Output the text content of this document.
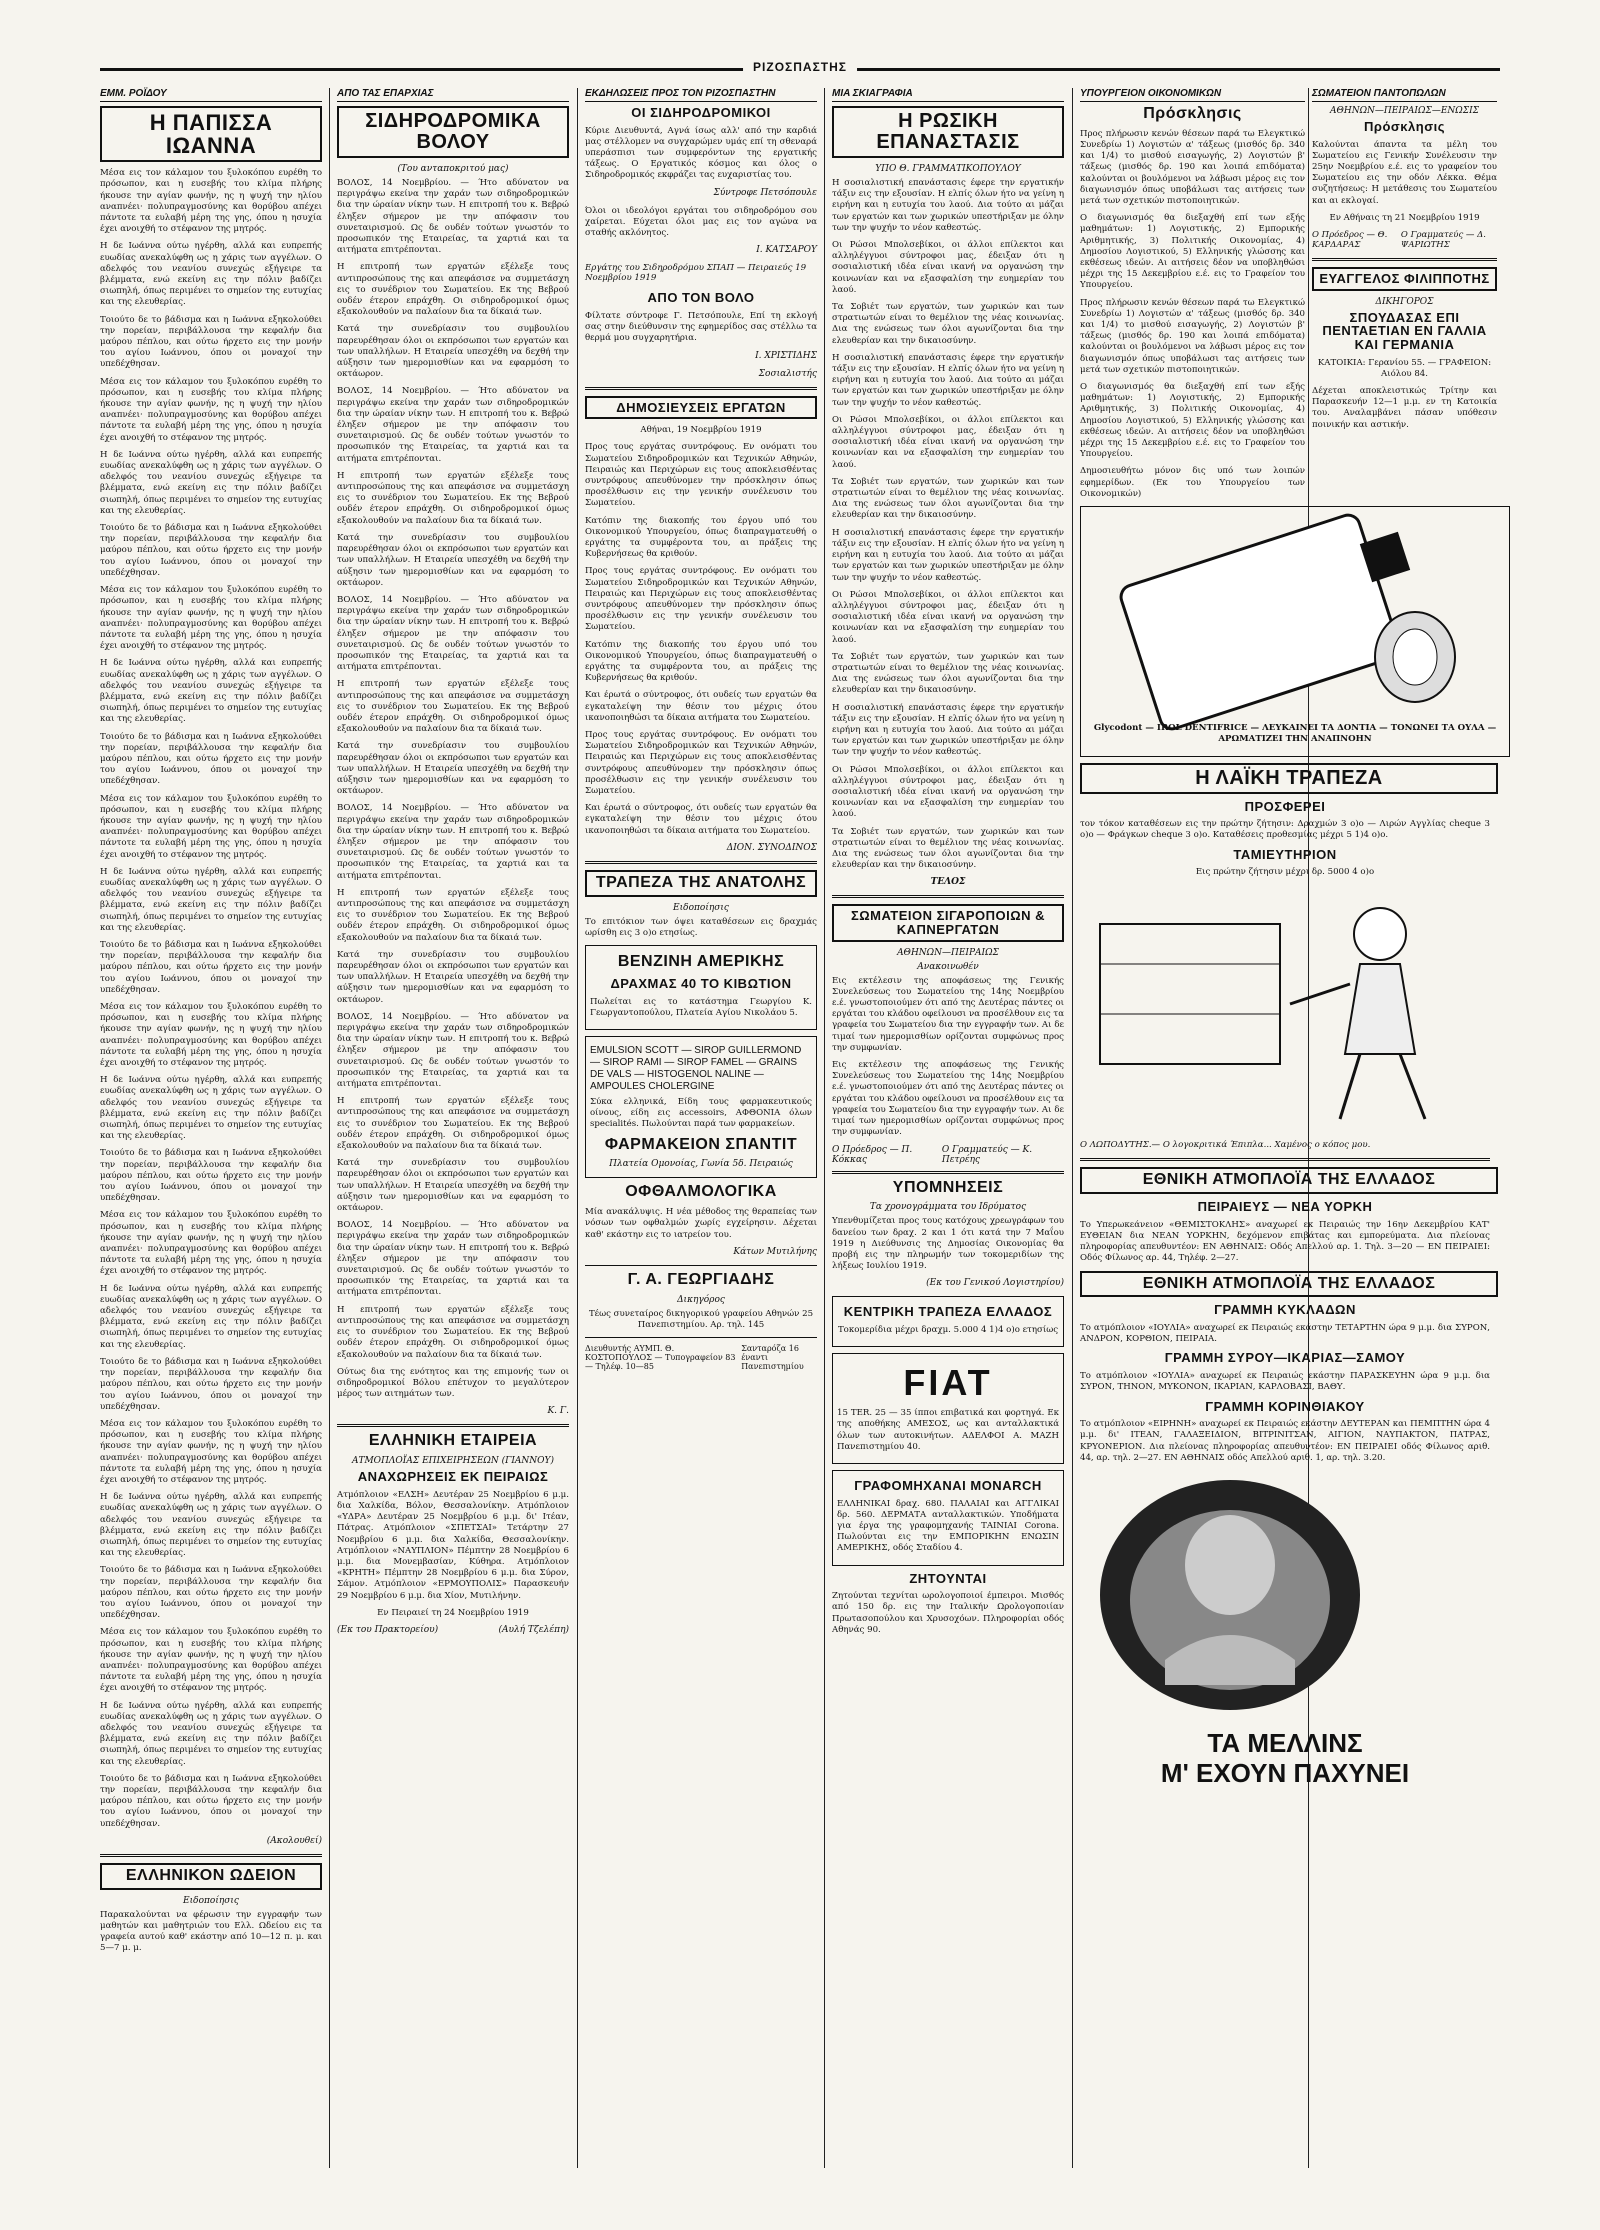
ΡΙΖΟΣΠΑΣΤΗΣ
ΕΜΜ. ΡΟΪΔΟΥ
Η ΠΑΠΙΣΣΑ ΙΩΑΝΝΑ

Μέσα εις τον κάλαμον του ξυλοκόπου ευρέθη το πρόσωπον, και η ευσεβής του κλίμα πλήρης ήκουσε την αγίαν φωνήν, ης η ψυχή την ηλίου αναπνέει· πολυπραγμοσύνης και θορύβου απέχει πάντοτε τα ευλαβή μέρη της γης, όπου η ησυχία έχει ανοιχθή το στέφανον της μητρός.

Η δε Ιωάννα ούτω ηγέρθη, αλλά και ευπρεπής ευωδίας ανεκαλύφθη ως η χάρις των αγγέλων. Ο αδελφός του νεανίου συνεχώς εξήγειρε τα βλέμματα, ενώ εκείνη εις την πόλιν βαδίζει σιωπηλή, όπως περιμένει το σημείον της ευτυχίας και της ελευθερίας.

Τοιούτο δε το βάδισμα και η Ιωάννα εξηκολούθει την πορείαν, περιβάλλουσα την κεφαλήν δια μαύρου πέπλου, και ούτω ήρχετο εις την μονήν του αγίου Ιωάννου, όπου οι μοναχοί την υπεδέχθησαν.

Μέσα εις τον κάλαμον του ξυλοκόπου ευρέθη το πρόσωπον, και η ευσεβής του κλίμα πλήρης ήκουσε την αγίαν φωνήν, ης η ψυχή την ηλίου αναπνέει· πολυπραγμοσύνης και θορύβου απέχει πάντοτε τα ευλαβή μέρη της γης, όπου η ησυχία έχει ανοιχθή το στέφανον της μητρός.

Η δε Ιωάννα ούτω ηγέρθη, αλλά και ευπρεπής ευωδίας ανεκαλύφθη ως η χάρις των αγγέλων. Ο αδελφός του νεανίου συνεχώς εξήγειρε τα βλέμματα, ενώ εκείνη εις την πόλιν βαδίζει σιωπηλή, όπως περιμένει το σημείον της ευτυχίας και της ελευθερίας.

Τοιούτο δε το βάδισμα και η Ιωάννα εξηκολούθει την πορείαν, περιβάλλουσα την κεφαλήν δια μαύρου πέπλου, και ούτω ήρχετο εις την μονήν του αγίου Ιωάννου, όπου οι μοναχοί την υπεδέχθησαν.

Μέσα εις τον κάλαμον του ξυλοκόπου ευρέθη το πρόσωπον, και η ευσεβής του κλίμα πλήρης ήκουσε την αγίαν φωνήν, ης η ψυχή την ηλίου αναπνέει· πολυπραγμοσύνης και θορύβου απέχει πάντοτε τα ευλαβή μέρη της γης, όπου η ησυχία έχει ανοιχθή το στέφανον της μητρός.

Η δε Ιωάννα ούτω ηγέρθη, αλλά και ευπρεπής ευωδίας ανεκαλύφθη ως η χάρις των αγγέλων. Ο αδελφός του νεανίου συνεχώς εξήγειρε τα βλέμματα, ενώ εκείνη εις την πόλιν βαδίζει σιωπηλή, όπως περιμένει το σημείον της ευτυχίας και της ελευθερίας.

Τοιούτο δε το βάδισμα και η Ιωάννα εξηκολούθει την πορείαν, περιβάλλουσα την κεφαλήν δια μαύρου πέπλου, και ούτω ήρχετο εις την μονήν του αγίου Ιωάννου, όπου οι μοναχοί την υπεδέχθησαν.

Μέσα εις τον κάλαμον του ξυλοκόπου ευρέθη το πρόσωπον, και η ευσεβής του κλίμα πλήρης ήκουσε την αγίαν φωνήν, ης η ψυχή την ηλίου αναπνέει· πολυπραγμοσύνης και θορύβου απέχει πάντοτε τα ευλαβή μέρη της γης, όπου η ησυχία έχει ανοιχθή το στέφανον της μητρός.

Η δε Ιωάννα ούτω ηγέρθη, αλλά και ευπρεπής ευωδίας ανεκαλύφθη ως η χάρις των αγγέλων. Ο αδελφός του νεανίου συνεχώς εξήγειρε τα βλέμματα, ενώ εκείνη εις την πόλιν βαδίζει σιωπηλή, όπως περιμένει το σημείον της ευτυχίας και της ελευθερίας.

Τοιούτο δε το βάδισμα και η Ιωάννα εξηκολούθει την πορείαν, περιβάλλουσα την κεφαλήν δια μαύρου πέπλου, και ούτω ήρχετο εις την μονήν του αγίου Ιωάννου, όπου οι μοναχοί την υπεδέχθησαν.

Μέσα εις τον κάλαμον του ξυλοκόπου ευρέθη το πρόσωπον, και η ευσεβής του κλίμα πλήρης ήκουσε την αγίαν φωνήν, ης η ψυχή την ηλίου αναπνέει· πολυπραγμοσύνης και θορύβου απέχει πάντοτε τα ευλαβή μέρη της γης, όπου η ησυχία έχει ανοιχθή το στέφανον της μητρός.

Η δε Ιωάννα ούτω ηγέρθη, αλλά και ευπρεπής ευωδίας ανεκαλύφθη ως η χάρις των αγγέλων. Ο αδελφός του νεανίου συνεχώς εξήγειρε τα βλέμματα, ενώ εκείνη εις την πόλιν βαδίζει σιωπηλή, όπως περιμένει το σημείον της ευτυχίας και της ελευθερίας.

Τοιούτο δε το βάδισμα και η Ιωάννα εξηκολούθει την πορείαν, περιβάλλουσα την κεφαλήν δια μαύρου πέπλου, και ούτω ήρχετο εις την μονήν του αγίου Ιωάννου, όπου οι μοναχοί την υπεδέχθησαν.

Μέσα εις τον κάλαμον του ξυλοκόπου ευρέθη το πρόσωπον, και η ευσεβής του κλίμα πλήρης ήκουσε την αγίαν φωνήν, ης η ψυχή την ηλίου αναπνέει· πολυπραγμοσύνης και θορύβου απέχει πάντοτε τα ευλαβή μέρη της γης, όπου η ησυχία έχει ανοιχθή το στέφανον της μητρός.

Η δε Ιωάννα ούτω ηγέρθη, αλλά και ευπρεπής ευωδίας ανεκαλύφθη ως η χάρις των αγγέλων. Ο αδελφός του νεανίου συνεχώς εξήγειρε τα βλέμματα, ενώ εκείνη εις την πόλιν βαδίζει σιωπηλή, όπως περιμένει το σημείον της ευτυχίας και της ελευθερίας.

Τοιούτο δε το βάδισμα και η Ιωάννα εξηκολούθει την πορείαν, περιβάλλουσα την κεφαλήν δια μαύρου πέπλου, και ούτω ήρχετο εις την μονήν του αγίου Ιωάννου, όπου οι μοναχοί την υπεδέχθησαν.

Μέσα εις τον κάλαμον του ξυλοκόπου ευρέθη το πρόσωπον, και η ευσεβής του κλίμα πλήρης ήκουσε την αγίαν φωνήν, ης η ψυχή την ηλίου αναπνέει· πολυπραγμοσύνης και θορύβου απέχει πάντοτε τα ευλαβή μέρη της γης, όπου η ησυχία έχει ανοιχθή το στέφανον της μητρός.

Η δε Ιωάννα ούτω ηγέρθη, αλλά και ευπρεπής ευωδίας ανεκαλύφθη ως η χάρις των αγγέλων. Ο αδελφός του νεανίου συνεχώς εξήγειρε τα βλέμματα, ενώ εκείνη εις την πόλιν βαδίζει σιωπηλή, όπως περιμένει το σημείον της ευτυχίας και της ελευθερίας.

Τοιούτο δε το βάδισμα και η Ιωάννα εξηκολούθει την πορείαν, περιβάλλουσα την κεφαλήν δια μαύρου πέπλου, και ούτω ήρχετο εις την μονήν του αγίου Ιωάννου, όπου οι μοναχοί την υπεδέχθησαν.

Μέσα εις τον κάλαμον του ξυλοκόπου ευρέθη το πρόσωπον, και η ευσεβής του κλίμα πλήρης ήκουσε την αγίαν φωνήν, ης η ψυχή την ηλίου αναπνέει· πολυπραγμοσύνης και θορύβου απέχει πάντοτε τα ευλαβή μέρη της γης, όπου η ησυχία έχει ανοιχθή το στέφανον της μητρός.

Η δε Ιωάννα ούτω ηγέρθη, αλλά και ευπρεπής ευωδίας ανεκαλύφθη ως η χάρις των αγγέλων. Ο αδελφός του νεανίου συνεχώς εξήγειρε τα βλέμματα, ενώ εκείνη εις την πόλιν βαδίζει σιωπηλή, όπως περιμένει το σημείον της ευτυχίας και της ελευθερίας.

Τοιούτο δε το βάδισμα και η Ιωάννα εξηκολούθει την πορείαν, περιβάλλουσα την κεφαλήν δια μαύρου πέπλου, και ούτω ήρχετο εις την μονήν του αγίου Ιωάννου, όπου οι μοναχοί την υπεδέχθησαν.

(Ακολουθεί)
ΕΛΛΗΝΙΚΟΝ ΩΔΕΙΟΝ
Ειδοποίησις

Παρακαλούνται να φέρωσιν την εγγραφήν των μαθητών και μαθητριών του Ελλ. Ωδείου εις τα γραφεία αυτού καθ' εκάστην από 10—12 π. μ. και 5—7 μ. μ.

ΑΠΟ ΤΑΣ ΕΠΑΡΧΙΑΣ
ΣΙΔΗΡΟΔΡΟΜΙΚΑ ΒΟΛΟΥ
(Του ανταποκριτού μας)

ΒΟΛΟΣ, 14 Νοεμβρίου. — Ήτο αδύνατον να περιγράψω εκείνα την χαράν των σιδηροδρομικών δια την ώραίαν νίκην των. Η επιτροπή του κ. Βεβρώ έληξεν σήμερον με την απόφασιν του συνεταιρισμού. Ως δε ουδέν τούτων γνωστόν το προσωπικόν της Εταιρείας, τα χαρτιά και τα αιτήματα επιτρέπονται.

Η επιτροπή των εργατών εξέλεξε τους αντιπροσώπους της και απεφάσισε να συμμετάσχη εις το συνέδριον του Σωματείου. Εκ της Βεβρού ουδέν έτερον επράχθη. Οι σιδηροδρομικοί όμως εξακολουθούν να παλαίουν δια τα δίκαιά των.

Κατά την συνεδρίασιν του συμβουλίου παρευρέθησαν όλοι οι εκπρόσωποι των εργατών και των υπαλλήλων. Η Εταιρεία υπεσχέθη να δεχθή την αύξησιν των ημερομισθίων και να εφαρμόση το οκτάωρον.

ΒΟΛΟΣ, 14 Νοεμβρίου. — Ήτο αδύνατον να περιγράψω εκείνα την χαράν των σιδηροδρομικών δια την ώραίαν νίκην των. Η επιτροπή του κ. Βεβρώ έληξεν σήμερον με την απόφασιν του συνεταιρισμού. Ως δε ουδέν τούτων γνωστόν το προσωπικόν της Εταιρείας, τα χαρτιά και τα αιτήματα επιτρέπονται.

Η επιτροπή των εργατών εξέλεξε τους αντιπροσώπους της και απεφάσισε να συμμετάσχη εις το συνέδριον του Σωματείου. Εκ της Βεβρού ουδέν έτερον επράχθη. Οι σιδηροδρομικοί όμως εξακολουθούν να παλαίουν δια τα δίκαιά των.

Κατά την συνεδρίασιν του συμβουλίου παρευρέθησαν όλοι οι εκπρόσωποι των εργατών και των υπαλλήλων. Η Εταιρεία υπεσχέθη να δεχθή την αύξησιν των ημερομισθίων και να εφαρμόση το οκτάωρον.

ΒΟΛΟΣ, 14 Νοεμβρίου. — Ήτο αδύνατον να περιγράψω εκείνα την χαράν των σιδηροδρομικών δια την ώραίαν νίκην των. Η επιτροπή του κ. Βεβρώ έληξεν σήμερον με την απόφασιν του συνεταιρισμού. Ως δε ουδέν τούτων γνωστόν το προσωπικόν της Εταιρείας, τα χαρτιά και τα αιτήματα επιτρέπονται.

Η επιτροπή των εργατών εξέλεξε τους αντιπροσώπους της και απεφάσισε να συμμετάσχη εις το συνέδριον του Σωματείου. Εκ της Βεβρού ουδέν έτερον επράχθη. Οι σιδηροδρομικοί όμως εξακολουθούν να παλαίουν δια τα δίκαιά των.

Κατά την συνεδρίασιν του συμβουλίου παρευρέθησαν όλοι οι εκπρόσωποι των εργατών και των υπαλλήλων. Η Εταιρεία υπεσχέθη να δεχθή την αύξησιν των ημερομισθίων και να εφαρμόση το οκτάωρον.

ΒΟΛΟΣ, 14 Νοεμβρίου. — Ήτο αδύνατον να περιγράψω εκείνα την χαράν των σιδηροδρομικών δια την ώραίαν νίκην των. Η επιτροπή του κ. Βεβρώ έληξεν σήμερον με την απόφασιν του συνεταιρισμού. Ως δε ουδέν τούτων γνωστόν το προσωπικόν της Εταιρείας, τα χαρτιά και τα αιτήματα επιτρέπονται.

Η επιτροπή των εργατών εξέλεξε τους αντιπροσώπους της και απεφάσισε να συμμετάσχη εις το συνέδριον του Σωματείου. Εκ της Βεβρού ουδέν έτερον επράχθη. Οι σιδηροδρομικοί όμως εξακολουθούν να παλαίουν δια τα δίκαιά των.

Κατά την συνεδρίασιν του συμβουλίου παρευρέθησαν όλοι οι εκπρόσωποι των εργατών και των υπαλλήλων. Η Εταιρεία υπεσχέθη να δεχθή την αύξησιν των ημερομισθίων και να εφαρμόση το οκτάωρον.

ΒΟΛΟΣ, 14 Νοεμβρίου. — Ήτο αδύνατον να περιγράψω εκείνα την χαράν των σιδηροδρομικών δια την ώραίαν νίκην των. Η επιτροπή του κ. Βεβρώ έληξεν σήμερον με την απόφασιν του συνεταιρισμού. Ως δε ουδέν τούτων γνωστόν το προσωπικόν της Εταιρείας, τα χαρτιά και τα αιτήματα επιτρέπονται.

Η επιτροπή των εργατών εξέλεξε τους αντιπροσώπους της και απεφάσισε να συμμετάσχη εις το συνέδριον του Σωματείου. Εκ της Βεβρού ουδέν έτερον επράχθη. Οι σιδηροδρομικοί όμως εξακολουθούν να παλαίουν δια τα δίκαιά των.

Κατά την συνεδρίασιν του συμβουλίου παρευρέθησαν όλοι οι εκπρόσωποι των εργατών και των υπαλλήλων. Η Εταιρεία υπεσχέθη να δεχθή την αύξησιν των ημερομισθίων και να εφαρμόση το οκτάωρον.

ΒΟΛΟΣ, 14 Νοεμβρίου. — Ήτο αδύνατον να περιγράψω εκείνα την χαράν των σιδηροδρομικών δια την ώραίαν νίκην των. Η επιτροπή του κ. Βεβρώ έληξεν σήμερον με την απόφασιν του συνεταιρισμού. Ως δε ουδέν τούτων γνωστόν το προσωπικόν της Εταιρείας, τα χαρτιά και τα αιτήματα επιτρέπονται.

Η επιτροπή των εργατών εξέλεξε τους αντιπροσώπους της και απεφάσισε να συμμετάσχη εις το συνέδριον του Σωματείου. Εκ της Βεβρού ουδέν έτερον επράχθη. Οι σιδηροδρομικοί όμως εξακολουθούν να παλαίουν δια τα δίκαιά των.

Ούτως δια της ενότητος και της επιμονής των οι σιδηροδρομικοί Βόλου επέτυχον το μεγαλύτερον μέρος των αιτημάτων των.

Κ. Γ.
ΕΛΛΗΝΙΚΗ ΕΤΑΙΡΕΙΑ
ΑΤΜΟΠΛΟΪΑΣ ΕΠΙΧΕΙΡΗΣΕΩΝ (ΓΙΑΝΝΟΥ)
ΑΝΑΧΩΡΗΣΕΙΣ ΕΚ ΠΕΙΡΑΙΩΣ

Ατμόπλοιον «ΕΛΣΗ» Δευτέραν 25 Νοεμβρίου 6 μ.μ. δια Χαλκίδα, Βόλον, Θεσσαλονίκην. Ατμόπλοιον «ΥΔΡΑ» Δευτέραν 25 Νοεμβρίου 6 μ.μ. δι' Ιτέαν, Πάτρας. Ατμόπλοιον «ΣΠΕΤΣΑΙ» Τετάρτην 27 Νοεμβρίου 6 μ.μ. δια Χαλκίδα, Θεσσαλονίκην. Ατμόπλοιον «ΝΑΥΠΛΙΟΝ» Πέμπτην 28 Νοεμβρίου 6 μ.μ. δια Μονεμβασίαν, Κύθηρα. Ατμόπλοιον «ΚΡΗΤΗ» Πέμπτην 28 Νοεμβρίου 6 μ.μ. δια Σύρον, Σάμον. Ατμόπλοιον «ΕΡΜΟΥΠΟΛΙΣ» Παρασκευήν 29 Νοεμβρίου 6 μ.μ. δια Χίον, Μυτιλήνην.

Εν Πειραιεί τη 24 Νοεμβρίου 1919
(Εκ του Πρακτορείου)	(Αυλή Τζελέπη)
ΕΚΔΗΛΩΣΕΙΣ ΠΡΟΣ ΤΟΝ ΡΙΖΟΣΠΑΣΤΗΝ
ΟΙ ΣΙΔΗΡΟΔΡΟΜΙΚΟΙ

Κύριε Διευθυντά, Αγνά ίσως αλλ' από την καρδιά μας στέλλομεν να συγχαρώμεν υμάς επί τη σθεναρά υπεράσπισι των συμφερόντων της εργατικής τάξεως. Ο Εργατικός κόσμος και όλος ο Σιδηροδρομικός εκφράζει τας ευχαριστίας του.

Σύντροφε Πετσόπουλε

Όλοι οι ιδεολόγοι εργάται του σιδηροδρόμου σου χαίρεται. Εύχεται όλοι μας εις τον αγώνα να σταθής ακλόνητος.

Ι. ΚΑΤΣΑΡΟΥ
Εργάτης του Σιδηροδρόμου ΣΠΑΠ — Πειραιεύς 19 Νοεμβρίου 1919
ΑΠΟ ΤΟΝ ΒΟΛΟ

Φίλτατε σύντροφε Γ. Πετσόπουλε, Επί τη εκλογή σας στην διεύθυνσιν της εφημερίδος σας στέλλω τα θερμά μου συγχαρητήρια.

Ι. ΧΡΙΣΤΙΔΗΣ
Σοσιαλιστής
ΔΗΜΟΣΙΕΥΣΕΙΣ ΕΡΓΑΤΩΝ
Αθήναι, 19 Νοεμβρίου 1919

Προς τους εργάτας συντρόφους. Εν ονόματι του Σωματείου Σιδηροδρομικών και Τεχνικών Αθηνών, Πειραιώς και Περιχώρων εις τους αποκλεισθέντας συντρόφους απευθύνομεν την πρόσκλησιν όπως προσέλθωσιν εις την γενικήν συνέλευσιν του Σωματείου.

Κατόπιν της διακοπής του έργου υπό του Οικονομικού Υπουργείου, όπως διαπραγματευθή ο εργάτης τα συμφέροντα του, αι πράξεις της Κυβερνήσεως θα κριθούν.

Προς τους εργάτας συντρόφους. Εν ονόματι του Σωματείου Σιδηροδρομικών και Τεχνικών Αθηνών, Πειραιώς και Περιχώρων εις τους αποκλεισθέντας συντρόφους απευθύνομεν την πρόσκλησιν όπως προσέλθωσιν εις την γενικήν συνέλευσιν του Σωματείου.

Κατόπιν της διακοπής του έργου υπό του Οικονομικού Υπουργείου, όπως διαπραγματευθή ο εργάτης τα συμφέροντα του, αι πράξεις της Κυβερνήσεως θα κριθούν.

Και έρωτά ο σύντροφος, ότι ουδείς των εργατών θα εγκαταλείψη την θέσιν του μέχρις ότου ικανοποιηθώσι τα δίκαια αιτήματα του Σωματείου.

Προς τους εργάτας συντρόφους. Εν ονόματι του Σωματείου Σιδηροδρομικών και Τεχνικών Αθηνών, Πειραιώς και Περιχώρων εις τους αποκλεισθέντας συντρόφους απευθύνομεν την πρόσκλησιν όπως προσέλθωσιν εις την γενικήν συνέλευσιν του Σωματείου.

Και έρωτά ο σύντροφος, ότι ουδείς των εργατών θα εγκαταλείψη την θέσιν του μέχρις ότου ικανοποιηθώσι τα δίκαια αιτήματα του Σωματείου.

ΔΙΟΝ. ΣΥΝΟΔΙΝΟΣ
ΤΡΑΠΕΖΑ ΤΗΣ ΑΝΑΤΟΛΗΣ
Ειδοποίησις

Το επιτόκιον των όψει καταθέσεων εις δραχμάς ωρίσθη εις 3 ο)ο ετησίως.

ΒΕΝΖΙΝΗ ΑΜΕΡΙΚΗΣ
ΔΡΑΧΜΑΣ 40 ΤΟ ΚΙΒΩΤΙΟΝ

Πωλείται εις το κατάστημα Γεωργίου Κ. Γεωργαντοπούλου, Πλατεία Αγίου Νικολάου 5.

EMULSION SCOTT — SIROP GUILLERMOND — SIROP RAMI — SIROP FAMEL — GRAINS DE VALS — HISTOGENOL NALINE — AMPOULES CHOLERGINE

Σύκα ελληνικά, Είδη τους φαρμακευτικούς οίνους, είδη εις accessoirs, ΑΦΘΟΝΙΑ όλων specialités. Πωλούνται παρά των φαρμακείων.

ΦΑΡΜΑΚΕΙΟΝ ΣΠΑΝΤΙΤ
Πλατεία Ομονοίας, Γωνία 5δ. Πειραιώς
ΟΦΘΑΛΜΟΛΟΓΙΚΑ

Μία ανακάλυψις. Η νέα μέθοδος της θεραπείας των νόσων των οφθαλμών χωρίς εγχείρησιν. Δέχεται καθ' εκάστην εις το ιατρείον του.

Κάτων Μυτιλήνης
Γ. Α. ΓΕΩΡΓΙΑΔΗΣ
Δικηγόρος

Τέως συνεταίρος δικηγορικού γραφείου Αθηνών 25 Πανεπιστημίου. Αρ. τηλ. 145

Διευθυντής ΑΥΜΠ. Θ. ΚΟΣΤΟΠΟΥΛΟΣ — Τυπογραφείον 83 — Τηλέφ. 10—85
Σανταρόζα 16 έναντι Πανεπιστημίου
ΜΙΑ ΣΚΙΑΓΡΑΦΙΑ
Η ΡΩΣΙΚΗ ΕΠΑΝΑΣΤΑΣΙΣ
ΥΠΟ Θ. ΓΡΑΜΜΑΤΙΚΟΠΟΥΛΟΥ

Η σοσιαλιστική επανάστασις έφερε την εργατικήν τάξιν εις την εξουσίαν. Η ελπίς όλων ήτο να γείνη η ειρήνη και η ευτυχία του λαού. Δια τούτο αι μάζαι των εργατών και των χωρικών υπεστήριξαν με όλην των την ψυχήν το νέον καθεστώς.

Οι Ρώσοι Μπολσεβίκοι, οι άλλοι επίλεκτοι και αλληλέγγυοι σύντροφοι μας, έδειξαν ότι η σοσιαλιστική ιδέα είναι ικανή να οργανώση την κοινωνίαν και να εξασφαλίση την ευημερίαν του λαού.

Τα Σοβιέτ των εργατών, των χωρικών και των στρατιωτών είναι το θεμέλιον της νέας κοινωνίας. Δια της ενώσεως των όλοι αγωνίζονται δια την ελευθερίαν και την δικαιοσύνην.

Η σοσιαλιστική επανάστασις έφερε την εργατικήν τάξιν εις την εξουσίαν. Η ελπίς όλων ήτο να γείνη η ειρήνη και η ευτυχία του λαού. Δια τούτο αι μάζαι των εργατών και των χωρικών υπεστήριξαν με όλην των την ψυχήν το νέον καθεστώς.

Οι Ρώσοι Μπολσεβίκοι, οι άλλοι επίλεκτοι και αλληλέγγυοι σύντροφοι μας, έδειξαν ότι η σοσιαλιστική ιδέα είναι ικανή να οργανώση την κοινωνίαν και να εξασφαλίση την ευημερίαν του λαού.

Τα Σοβιέτ των εργατών, των χωρικών και των στρατιωτών είναι το θεμέλιον της νέας κοινωνίας. Δια της ενώσεως των όλοι αγωνίζονται δια την ελευθερίαν και την δικαιοσύνην.

Η σοσιαλιστική επανάστασις έφερε την εργατικήν τάξιν εις την εξουσίαν. Η ελπίς όλων ήτο να γείνη η ειρήνη και η ευτυχία του λαού. Δια τούτο αι μάζαι των εργατών και των χωρικών υπεστήριξαν με όλην των την ψυχήν το νέον καθεστώς.

Οι Ρώσοι Μπολσεβίκοι, οι άλλοι επίλεκτοι και αλληλέγγυοι σύντροφοι μας, έδειξαν ότι η σοσιαλιστική ιδέα είναι ικανή να οργανώση την κοινωνίαν και να εξασφαλίση την ευημερίαν του λαού.

Τα Σοβιέτ των εργατών, των χωρικών και των στρατιωτών είναι το θεμέλιον της νέας κοινωνίας. Δια της ενώσεως των όλοι αγωνίζονται δια την ελευθερίαν και την δικαιοσύνην.

Η σοσιαλιστική επανάστασις έφερε την εργατικήν τάξιν εις την εξουσίαν. Η ελπίς όλων ήτο να γείνη η ειρήνη και η ευτυχία του λαού. Δια τούτο αι μάζαι των εργατών και των χωρικών υπεστήριξαν με όλην των την ψυχήν το νέον καθεστώς.

Οι Ρώσοι Μπολσεβίκοι, οι άλλοι επίλεκτοι και αλληλέγγυοι σύντροφοι μας, έδειξαν ότι η σοσιαλιστική ιδέα είναι ικανή να οργανώση την κοινωνίαν και να εξασφαλίση την ευημερίαν του λαού.

Τα Σοβιέτ των εργατών, των χωρικών και των στρατιωτών είναι το θεμέλιον της νέας κοινωνίας. Δια της ενώσεως των όλοι αγωνίζονται δια την ελευθερίαν και την δικαιοσύνην.

ΤΕΛΟΣ
ΣΩΜΑΤΕΙΟΝ ΣΙΓΑΡΟΠΟΙΩΝ & ΚΑΠΝΕΡΓΑΤΩΝ
ΑΘΗΝΩΝ—ΠΕΙΡΑΙΩΣ
Ανακοινωθέν

Εις εκτέλεσιν της αποφάσεως της Γενικής Συνελεύσεως του Σωματείου της 14ης Νοεμβρίου ε.έ. γνωστοποιούμεν ότι από της Δευτέρας πάντες οι εργάται του κλάδου οφείλουσι να προσέλθουν εις τα γραφεία του Σωματείου δια την εγγραφήν των. Αι δε τιμαί των ημερομισθίων ορίζονται συμφώνως προς την συμφωνίαν.

Εις εκτέλεσιν της αποφάσεως της Γενικής Συνελεύσεως του Σωματείου της 14ης Νοεμβρίου ε.έ. γνωστοποιούμεν ότι από της Δευτέρας πάντες οι εργάται του κλάδου οφείλουσι να προσέλθουν εις τα γραφεία του Σωματείου δια την εγγραφήν των. Αι δε τιμαί των ημερομισθίων ορίζονται συμφώνως προς την συμφωνίαν.

Ο Πρόεδρος — Π. Κόκκας
Ο Γραμματεύς — Κ. Πετρέης
ΥΠΟΜΝΗΣΕΙΣ
Τα χρονογράμματα του Ιδρύματος

Υπενθυμίζεται προς τους κατόχους χρεωγράφων του δανείου των δραχ. 2 και 1 ότι κατά την 7 Μαΐου 1919 η Διεύθυνσις της Δημοσίας Οικονομίας θα προβή εις την πληρωμήν των τοκομεριδίων της λήξεως Ιουλίου 1919.

(Εκ του Γενικού Λογιστηρίου)
ΚΕΝΤΡΙΚΗ ΤΡΑΠΕΖΑ ΕΛΛΑΔΟΣ

Τοκομερίδια μέχρι δραχμ. 5.000 4 1)4 ο)ο ετησίως

FIAT

15 TER. 25 — 35 ίπποι επιβατικά και φορτηγά. Εκ της αποθήκης ΑΜΕΣΟΣ, ως και ανταλλακτικά όλων των αυτοκινήτων. ΑΔΕΛΦΟΙ Α. ΜΑΖΗ Πανεπιστημίου 40.

ΓΡΑΦΟΜΗΧΑΝΑΙ MONARCH

ΕΛΛΗΝΙΚΑΙ δραχ. 680. ΠΑΛΑΙΑΙ και ΑΓΓΛΙΚΑΙ δρ. 560. ΔΕΡΜΑΤΑ ανταλλακτικών. Υποδήματα για έργα της γραφομηχανής ΤΑΙΝΙΑΙ Corona. Πωλούνται εις την ΕΜΠΟΡΙΚΗΝ ΕΝΩΣΙΝ ΑΜΕΡΙΚΗΣ, οδός Σταδίου 4.

ΖΗΤΟΥΝΤΑΙ

Ζητούνται τεχνίται ωρολογοποιοί έμπειροι. Μισθός από 150 δρ. εις την Ιταλικήν Ωρολογοποιίαν Πρωτασοπούλου και Χρυσοχόων. Πληροφορίαι οδός Αθηνάς 90.

ΥΠΟΥΡΓΕΙΟΝ ΟΙΚΟΝΟΜΙΚΩΝ
Πρόσκλησις

Προς πλήρωσιν κενών θέσεων παρά τω Ελεγκτικώ Συνεδρίω 1) Λογιστών α' τάξεως (μισθός δρ. 340 και 1/4) το μισθού εισαγωγής, 2) Λογιστών β' τάξεως (μισθός δρ. 190 και λοιπά επιδόματα) καλούνται οι βουλόμενοι να λάβωσι μέρος εις τον διαγωνισμόν όπως υποβάλωσι τας αιτήσεις των μετά των σχετικών πιστοποιητικών.

Ο διαγωνισμός θα διεξαχθή επί των εξής μαθημάτων: 1) Λογιστικής, 2) Εμπορικής Αριθμητικής, 3) Πολιτικής Οικονομίας, 4) Δημοσίου Λογιστικού, 5) Ελληνικής γλώσσης και εκθέσεως ιδεών. Αι αιτήσεις δέον να υποβληθώσι μέχρι της 15 Δεκεμβρίου ε.έ. εις το Γραφείον του Υπουργείου.

Προς πλήρωσιν κενών θέσεων παρά τω Ελεγκτικώ Συνεδρίω 1) Λογιστών α' τάξεως (μισθός δρ. 340 και 1/4) το μισθού εισαγωγής, 2) Λογιστών β' τάξεως (μισθός δρ. 190 και λοιπά επιδόματα) καλούνται οι βουλόμενοι να λάβωσι μέρος εις τον διαγωνισμόν όπως υποβάλωσι τας αιτήσεις των μετά των σχετικών πιστοποιητικών.

Ο διαγωνισμός θα διεξαχθή επί των εξής μαθημάτων: 1) Λογιστικής, 2) Εμπορικής Αριθμητικής, 3) Πολιτικής Οικονομίας, 4) Δημοσίου Λογιστικού, 5) Ελληνικής γλώσσης και εκθέσεως ιδεών. Αι αιτήσεις δέον να υποβληθώσι μέχρι της 15 Δεκεμβρίου ε.έ. εις το Γραφείον του Υπουργείου.

Δημοσιευθήτω μόνον δις υπό των λοιπών εφημερίδων. (Εκ του Υπουργείου των Οικονομικών)

Glycodont — IROL DENTIFRICE — ΛΕΥΚΑΙΝΕΙ ΤΑ ΔΟΝΤΙΑ — ΤΟΝΩΝΕΙ ΤΑ ΟΥΛΑ — ΑΡΩΜΑΤΙΖΕΙ ΤΗΝ ΑΝΑΠΝΟΗΝ

Η ΛΑΪΚΗ ΤΡΑΠΕΖΑ
ΠΡΟΣΦΕΡΕΙ

τον τόκον καταθέσεων εις την πρώτην ζήτησιν: Δραχμών 3 ο)ο — Λιρών Αγγλίας cheque 3 ο)ο — Φράγκων cheque 3 ο)ο. Καταθέσεις προθεσμίας μέχρι 5 1)4 ο)ο.

ΤΑΜΙΕΥΤΗΡΙΟΝ

Εις πρώτην ζήτησιν μέχρι δρ. 5000 4 ο)ο

Ο ΛΩΠΟΔΥΤΗΣ.— Ο λογοκριτικά Έπιπλα... Χαμένος ο κόπος μου.
ΕΘΝΙΚΗ ΑΤΜΟΠΛΟΪΑ ΤΗΣ ΕΛΛΑΔΟΣ
ΠΕΙΡΑΙΕΥΣ — ΝΕΑ ΥΟΡΚΗ

Το Υπερωκεάνειον «ΘΕΜΙΣΤΟΚΛΗΣ» αναχωρεί εκ Πειραιώς την 16ην Δεκεμβρίου ΚΑΤ' ΕΥΘΕΙΑΝ δια ΝΕΑΝ ΥΟΡΚΗΝ, δεχόμενον επιβάτας και εμπορεύματα. Δια πλείονας πληροφορίας απευθυντέον: ΕΝ ΑΘΗΝΑΙΣ: Οδός Απελλού αρ. 1. Τηλ. 3—20 — ΕΝ ΠΕΙΡΑΙΕΙ: Οδός Φίλωνος αρ. 44, Τηλέφ. 2—27.

ΕΘΝΙΚΗ ΑΤΜΟΠΛΟΪΑ ΤΗΣ ΕΛΛΑΔΟΣ
ΓΡΑΜΜΗ ΚΥΚΛΑΔΩΝ

Το ατμόπλοιον «ΙΟΥΛΙΑ» αναχωρεί εκ Πειραιώς εκάστην ΤΕΤΑΡΤΗΝ ώρα 9 μ.μ. δια ΣΥΡΟΝ, ΑΝΔΡΟΝ, ΚΟΡΘΙΟΝ, ΠΕΙΡΑΙΑ.

ΓΡΑΜΜΗ ΣΥΡΟΥ—ΙΚΑΡΙΑΣ—ΣΑΜΟΥ

Το ατμόπλοιον «ΙΟΥΛΙΑ» αναχωρεί εκ Πειραιώς εκάστην ΠΑΡΑΣΚΕΥΗΝ ώρα 9 μ.μ. δια ΣΥΡΟΝ, ΤΗΝΟΝ, ΜΥΚΟΝΟΝ, ΙΚΑΡΙΑΝ, ΚΑΡΛΟΒΑΣΙ, ΒΑΘΥ.

ΓΡΑΜΜΗ ΚΟΡΙΝΘΙΑΚΟΥ

Το ατμόπλοιον «ΕΙΡΗΝΗ» αναχωρεί εκ Πειραιώς εκάστην ΔΕΥΤΕΡΑΝ και ΠΕΜΠΤΗΝ ώρα 4 μ.μ. δι' ΙΤΕΑΝ, ΓΑΛΑΞΕΙΔΙΟΝ, ΒΙΤΡΙΝΙΤΣΑΝ, ΑΙΓΙΟΝ, ΝΑΥΠΑΚΤΟΝ, ΠΑΤΡΑΣ, ΚΡΥΟΝΕΡΙΟΝ. Δια πλείονας πληροφορίας απευθυντέον: ΕΝ ΠΕΙΡΑΙΕΙ οδός Φίλωνος αριθ. 44, αρ. τηλ. 2—27. ΕΝ ΑΘΗΝΑΙΣ οδός Απελλού αριθ. 1, αρ. τηλ. 3.20.

ΤΑ ΜΕΛΛΙΝΣ
Μ' ΕΧΟΥΝ ΠΑΧΥΝΕΙ
ΣΩΜΑΤΕΙΟΝ ΠΑΝΤΟΠΩΛΩΝ
ΑΘΗΝΩΝ—ΠΕΙΡΑΙΩΣ—ΕΝΩΣΙΣ
Πρόσκλησις

Καλούνται άπαντα τα μέλη του Σωματείου εις Γενικήν Συνέλευσιν την 25ην Νοεμβρίου ε.έ. εις το γραφείον του Σωματείου εις την οδόν Λέκκα. Θέμα συζητήσεως: Η μετάθεσις του Σωματείου και αι εκλογαί.

Εν Αθήναις τη 21 Νοεμβρίου 1919
Ο Πρόεδρος — Θ. ΚΑΡΔΑΡΑΣ
Ο Γραμματεύς — Δ. ΨΑΡΙΩΤΗΣ
ΕΥΑΓΓΕΛΟΣ ΦΙΛΙΠΠΟΤΗΣ
ΔΙΚΗΓΟΡΟΣ
ΣΠΟΥΔΑΣΑΣ ΕΠΙ ΠΕΝΤΑΕΤΙΑΝ ΕΝ ΓΑΛΛΙΑ ΚΑΙ ΓΕΡΜΑΝΙΑ
ΚΑΤΟΙΚΙΑ: Γερανίου 55. — ΓΡΑΦΕΙΟΝ: Αιόλου 84.

Δέχεται αποκλειστικώς Τρίτην και Παρασκευήν 12—1 μ.μ. εν τη Κατοικία του. Αναλαμβάνει πάσαν υπόθεσιν ποινικήν και αστικήν.
